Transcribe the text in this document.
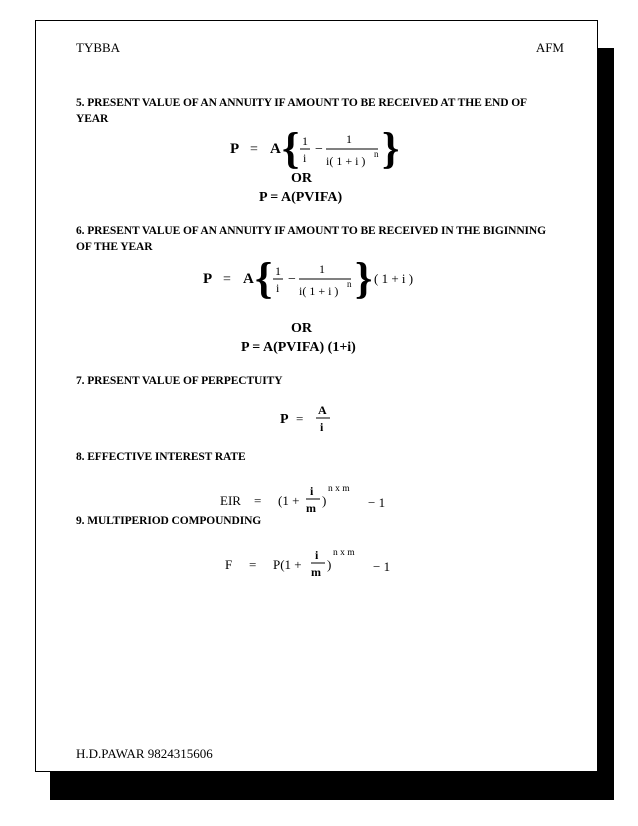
TYBBA	AFM
5. PRESENT VALUE OF AN ANNUITY IF AMOUNT TO BE RECEIVED AT THE END OF YEAR
P = A { 1
i
−
1
i( 1 + i ) n }
OR
P = A(PVIFA)
6. PRESENT VALUE OF AN ANNUITY IF AMOUNT TO BE RECEIVED IN THE BIGINNING OF THE YEAR
P = A { 1
i
−
1
i( 1 + i ) n } ( 1 + i )
OR
P = A(PVIFA) (1+i)
7. PRESENT VALUE OF PERPECTUITY
P =
A
i
8. EFFECTIVE INTEREST RATE
EIR = (1 +
i
m )
n x m
− 1
9. MULTIPERIOD COMPOUNDING
F = P(1 +
i
m )
n x m
− 1
H.D.PAWAR 9824315606
